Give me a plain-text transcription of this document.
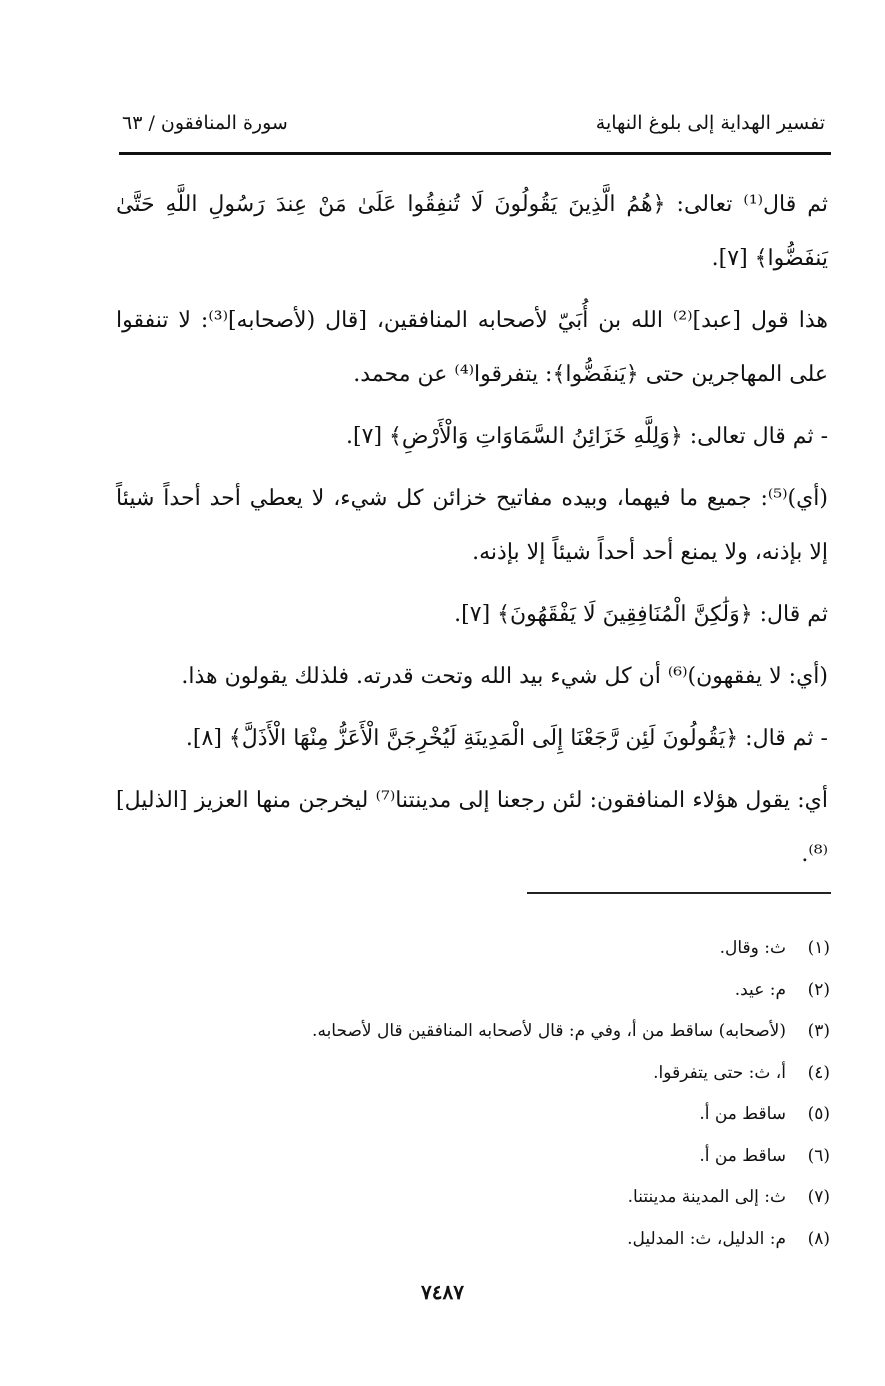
تفسير الهداية إلى بلوغ النهاية
سورة المنافقون / ٦٣

ثم قال⁽¹⁾ تعالى: ﴿هُمُ الَّذِينَ يَقُولُونَ لَا تُنفِقُوا عَلَىٰ مَنْ عِندَ رَسُولِ اللَّهِ حَتَّىٰ يَنفَضُّوا﴾ [٧].

هذا قول [عبد]⁽²⁾ الله بن أُبَيّ لأصحابه المنافقين، [قال (لأصحابه]⁽³⁾: لا تنفقوا على المهاجرين حتى ﴿يَنفَضُّوا﴾: يتفرقوا⁽⁴⁾ عن محمد.

- ثم قال تعالى: ﴿وَلِلَّهِ خَزَائِنُ السَّمَاوَاتِ وَالْأَرْضِ﴾ [٧].

(أي)⁽⁵⁾: جميع ما فيهما، وبيده مفاتيح خزائن كل شيء، لا يعطي أحد أحداً شيئاً إلا بإذنه، ولا يمنع أحد أحداً شيئاً إلا بإذنه.

ثم قال: ﴿وَلَٰكِنَّ الْمُنَافِقِينَ لَا يَفْقَهُونَ﴾ [٧].

(أي: لا يفقهون)⁽⁶⁾ أن كل شيء بيد الله وتحت قدرته. فلذلك يقولون هذا.

- ثم قال: ﴿يَقُولُونَ لَئِن رَّجَعْنَا إِلَى الْمَدِينَةِ لَيُخْرِجَنَّ الْأَعَزُّ مِنْهَا الْأَذَلَّ﴾ [٨].

أي: يقول هؤلاء المنافقون: لئن رجعنا إلى مدينتنا⁽⁷⁾ ليخرجن منها العزيز [الذليل]⁽⁸⁾.

(١)ث: وقال.
(٢)م: عيد.
(٣)(لأصحابه) ساقط من أ، وفي م: قال لأصحابه المنافقين قال لأصحابه.
(٤)أ، ث: حتى يتفرقوا.
(٥)ساقط من أ.
(٦)ساقط من أ.
(٧)ث: إلى المدينة مدينتنا.
(٨)م: الدليل، ث: المدليل.
٧٤٨٧
